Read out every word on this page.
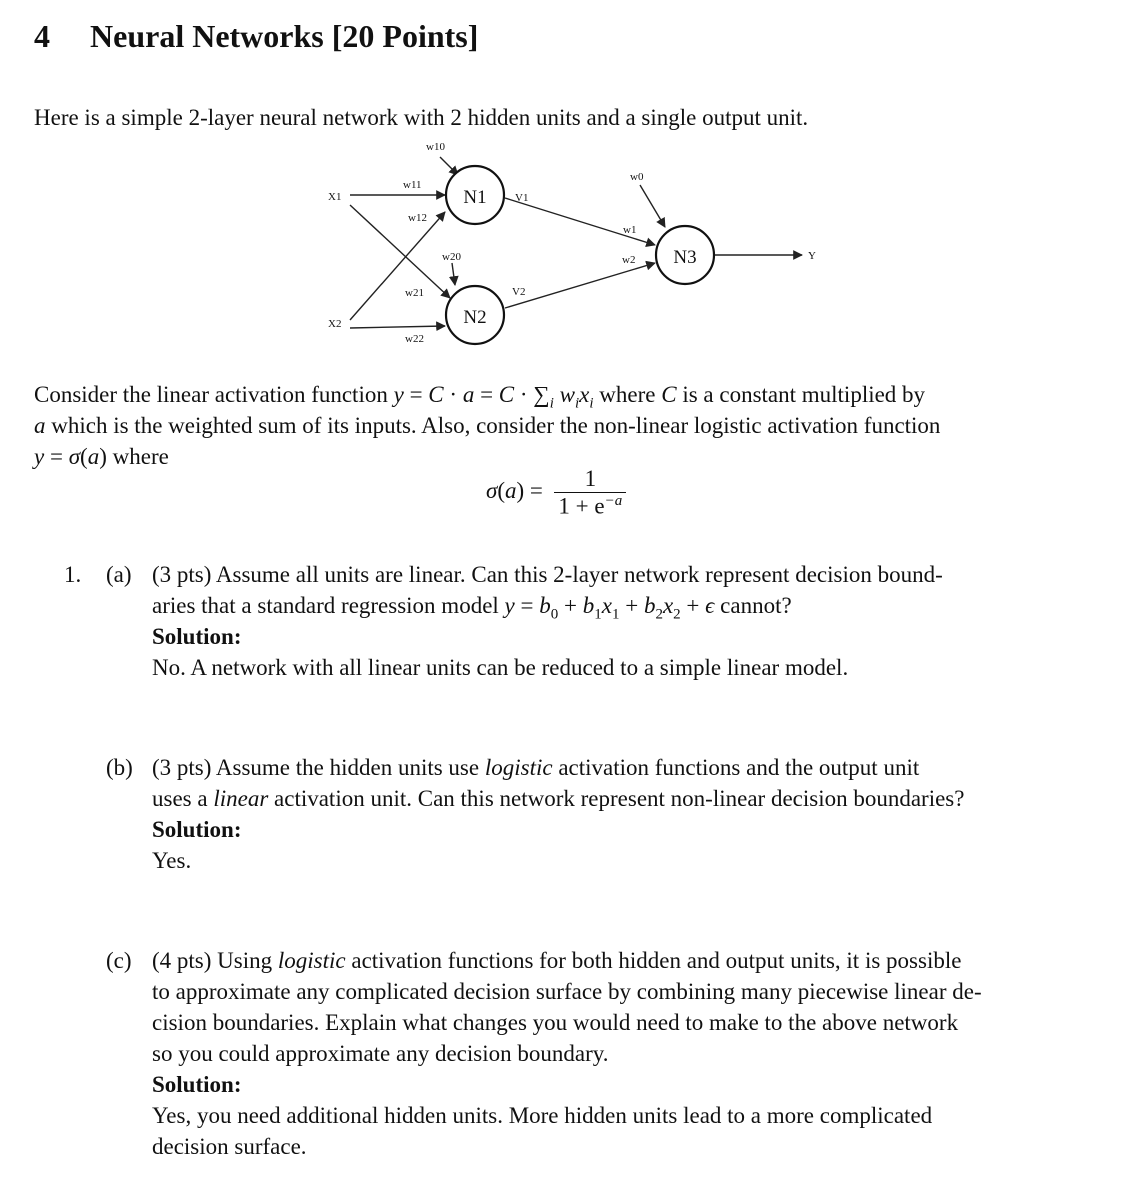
4 Neural Networks [20 Points]
Here is a simple 2-layer neural network with 2 hidden units and a single output unit.
N1
N2
N3
X1
X2
Y
w10
w11
w12
w20
w21
w22
V1
V2
w0
w1
w2
Consider the linear activation function $y = C \cdot a = C \cdot \sum_i$ $w_ix_i$ where C is a constant multiplied by
a which is the weighted sum of its inputs. Also, consider the non-linear logistic activation function
y = σ(a) where
$\sigma(a) = \frac{1}{1 + e^{-a}}$
1. (a) (3 pts) Assume all units are linear. Can this 2-layer network represent decision bound-
aries that a standard regression model $y = b_0 + b_1x_1 + b_2x_2 + \epsilon$ cannot?
Solution:
No. A network with all linear units can be reduced to a simple linear model.
(b) (3 pts) Assume the hidden units use logistic activation functions and the output unit
uses a linear activation unit. Can this network represent non-linear decision boundaries?
Solution:
Yes.
(c) (4 pts) Using logistic activation functions for both hidden and output units, it is possible
to approximate any complicated decision surface by combining many piecewise linear de-
cision boundaries. Explain what changes you would need to make to the above network
so you could approximate any decision boundary.
Solution:
Yes, you need additional hidden units. More hidden units lead to a more complicated
decision surface.
